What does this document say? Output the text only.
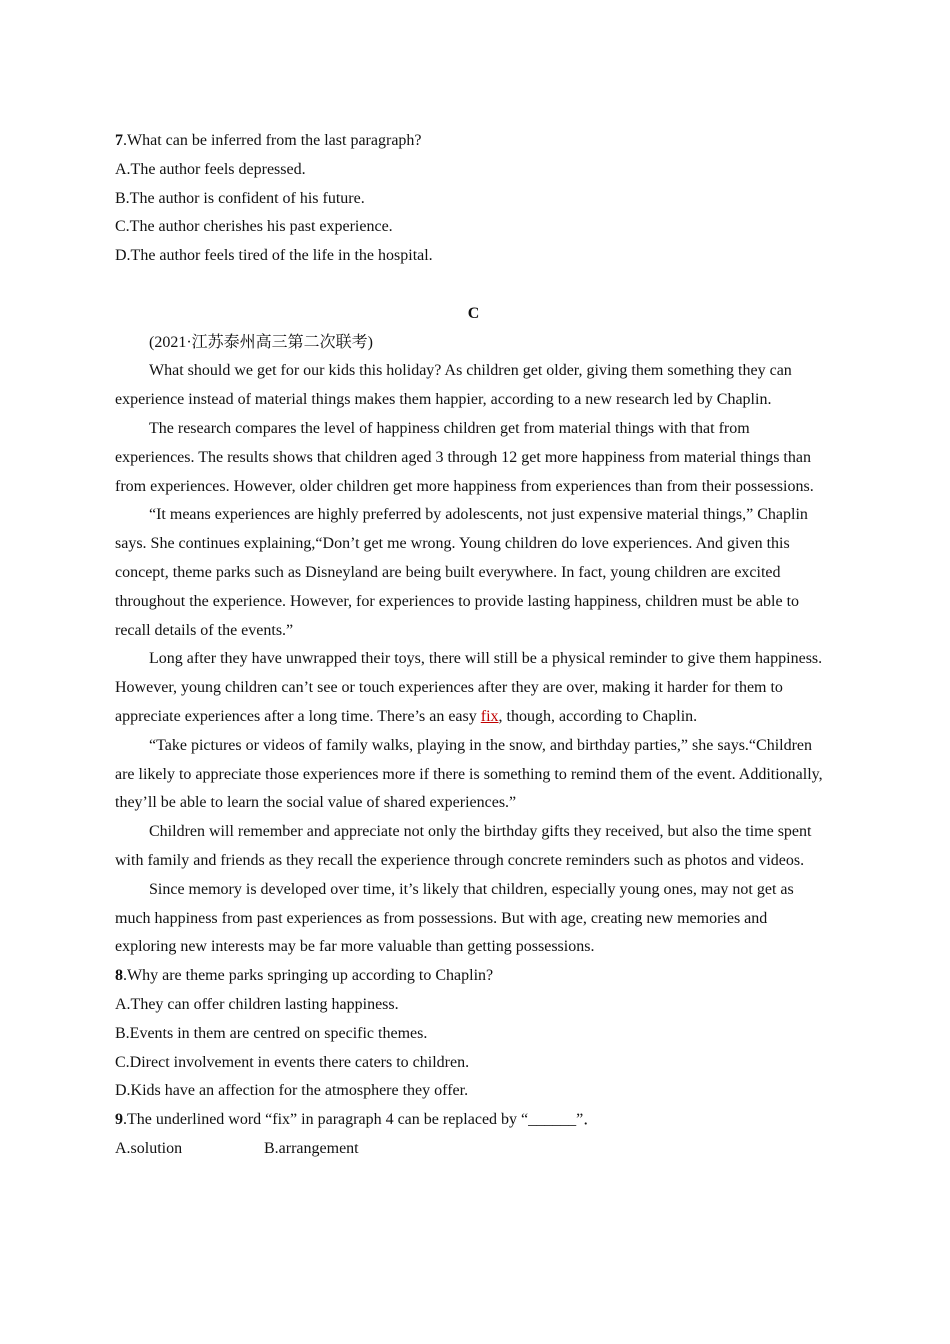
7.What can be inferred from the last paragraph?

A.The author feels depressed.

B.The author is confident of his future.

C.The author cherishes his past experience.

D.The author feels tired of the life in the hospital.

C

(2021·江苏泰州高三第二次联考)

What should we get for our kids this holiday? As children get older, giving them something they can experience instead of material things makes them happier, according to a new research led by Chaplin.

The research compares the level of happiness children get from material things with that from experiences. The results shows that children aged 3 through 12 get more happiness from material things than from experiences. However, older children get more happiness from experiences than from their possessions.

“It means experiences are highly preferred by adolescents, not just expensive material things,” Chaplin says. She continues explaining,“Don’t get me wrong. Young children do love experiences. And given this concept, theme parks such as Disneyland are being built everywhere. In fact, young children are excited throughout the experience. However, for experiences to provide lasting happiness, children must be able to recall details of the events.”

Long after they have unwrapped their toys, there will still be a physical reminder to give them happiness. However, young children can’t see or touch experiences after they are over, making it harder for them to appreciate experiences after a long time. There’s an easy fix, though, according to Chaplin.

“Take pictures or videos of family walks, playing in the snow, and birthday parties,” she says.“Children are likely to appreciate those experiences more if there is something to remind them of the event. Additionally, they’ll be able to learn the social value of shared experiences.”

Children will remember and appreciate not only the birthday gifts they received, but also the time spent with family and friends as they recall the experience through concrete reminders such as photos and videos.

Since memory is developed over time, it’s likely that children, especially young ones, may not get as much happiness from past experiences as from possessions. But with age, creating new memories and exploring new interests may be far more valuable than getting possessions.

8.Why are theme parks springing up according to Chaplin?

A.They can offer children lasting happiness.

B.Events in them are centred on specific themes.

C.Direct involvement in events there caters to children.

D.Kids have an affection for the atmosphere they offer.

9.The underlined word “fix” in paragraph 4 can be replaced by “______”．

A.solution	B.arrangement
